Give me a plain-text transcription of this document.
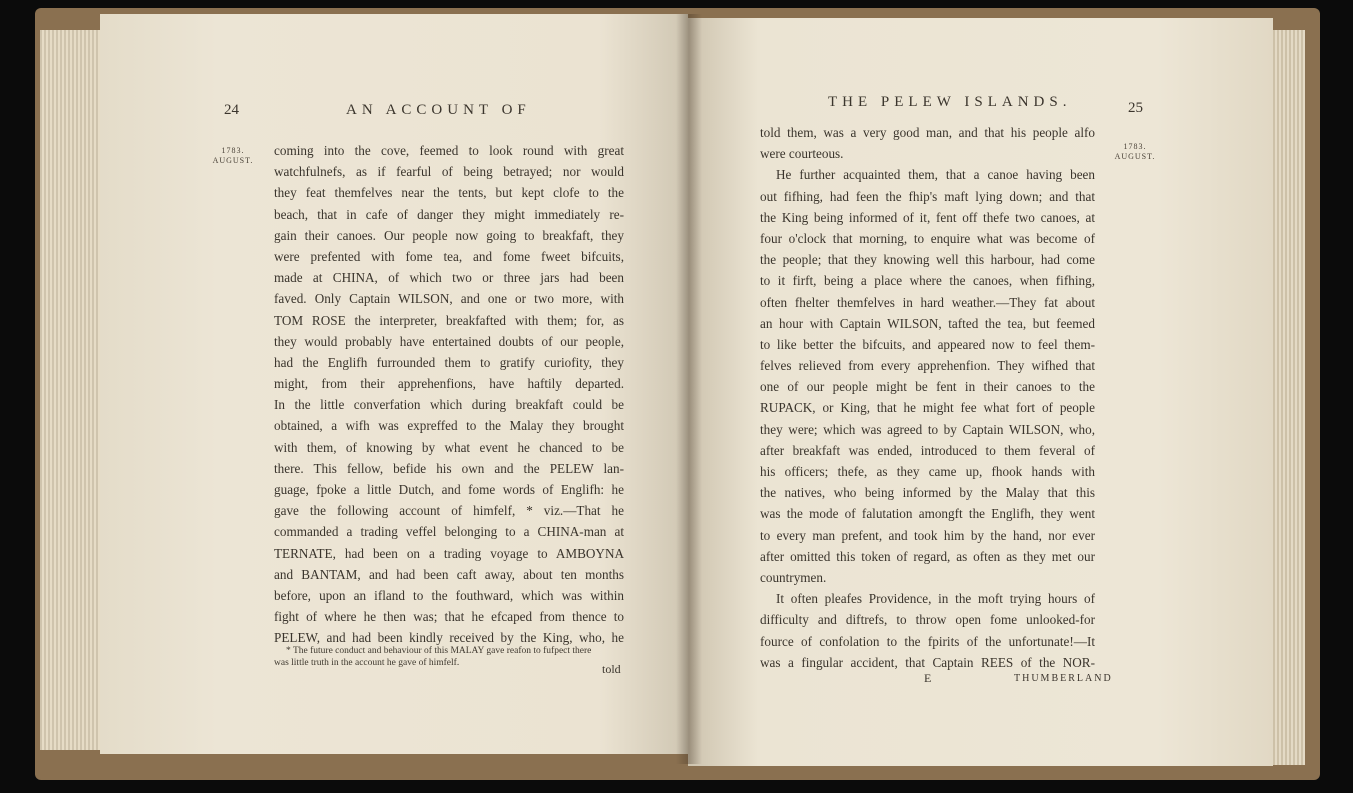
24	AN ACCOUNT OF
1783.
AUGUST.
coming into the cove, feemed to look round with great
watchfulnefs, as if fearful of being betrayed; nor would
they feat themfelves near the tents, but kept clofe to the
beach, that in cafe of danger they might immediately re-
gain their canoes. Our people now going to breakfaft, they
were prefented with fome tea, and fome fweet bifcuits,
made at CHINA, of which two or three jars had been
faved. Only Captain WILSON, and one or two more, with
TOM ROSE the interpreter, breakfafted with them; for, as
they would probably have entertained doubts of our people,
had the Englifh furrounded them to gratify curiofity, they
might, from their apprehenfions, have haftily departed.
In the little converfation which during breakfaft could be
obtained, a wifh was expreffed to the Malay they brought
with them, of knowing by what event he chanced to be
there. This fellow, befide his own and the PELEW lan-
guage, fpoke a little Dutch, and fome words of Englifh: he
gave the following account of himfelf, * viz.—That he
commanded a trading veffel belonging to a CHINA-man at
TERNATE, had been on a trading voyage to AMBOYNA
and BANTAM, and had been caft away, about ten months
before, upon an ifland to the fouthward, which was within
fight of where he then was; that he efcaped from thence to
PELEW, and had been kindly received by the King, who, he
* The future conduct and behaviour of this MALAY gave reafon to fufpect there
was little truth in the account he gave of himfelf.	told
THE PELEW ISLANDS.	25
1783.
AUGUST.
told them, was a very good man, and that his people alfo
were courteous.
He further acquainted them, that a canoe having been
out fifhing, had feen the fhip's maft lying down; and that
the King being informed of it, fent off thefe two canoes, at
four o'clock that morning, to enquire what was become of
the people; that they knowing well this harbour, had come
to it firft, being a place where the canoes, when fifhing,
often fhelter themfelves in hard weather.—They fat about
an hour with Captain WILSON, tafted the tea, but feemed
to like better the bifcuits, and appeared now to feel them-
felves relieved from every apprehenfion. They wifhed that
one of our people might be fent in their canoes to the
RUPACK, or King, that he might fee what fort of people
they were; which was agreed to by Captain WILSON, who,
after breakfaft was ended, introduced to them feveral of
his officers; thefe, as they came up, fhook hands with
the natives, who being informed by the Malay that this
was the mode of falutation amongft the Englifh, they went
to every man prefent, and took him by the hand, nor ever
after omitted this token of regard, as often as they met our
countrymen.
It often pleafes Providence, in the moft trying hours of
difficulty and diftrefs, to throw open fome unlooked-for
fource of confolation to the fpirits of the unfortunate!—It
was a fingular accident, that Captain REES of the NOR-
E	THUMBERLAND
